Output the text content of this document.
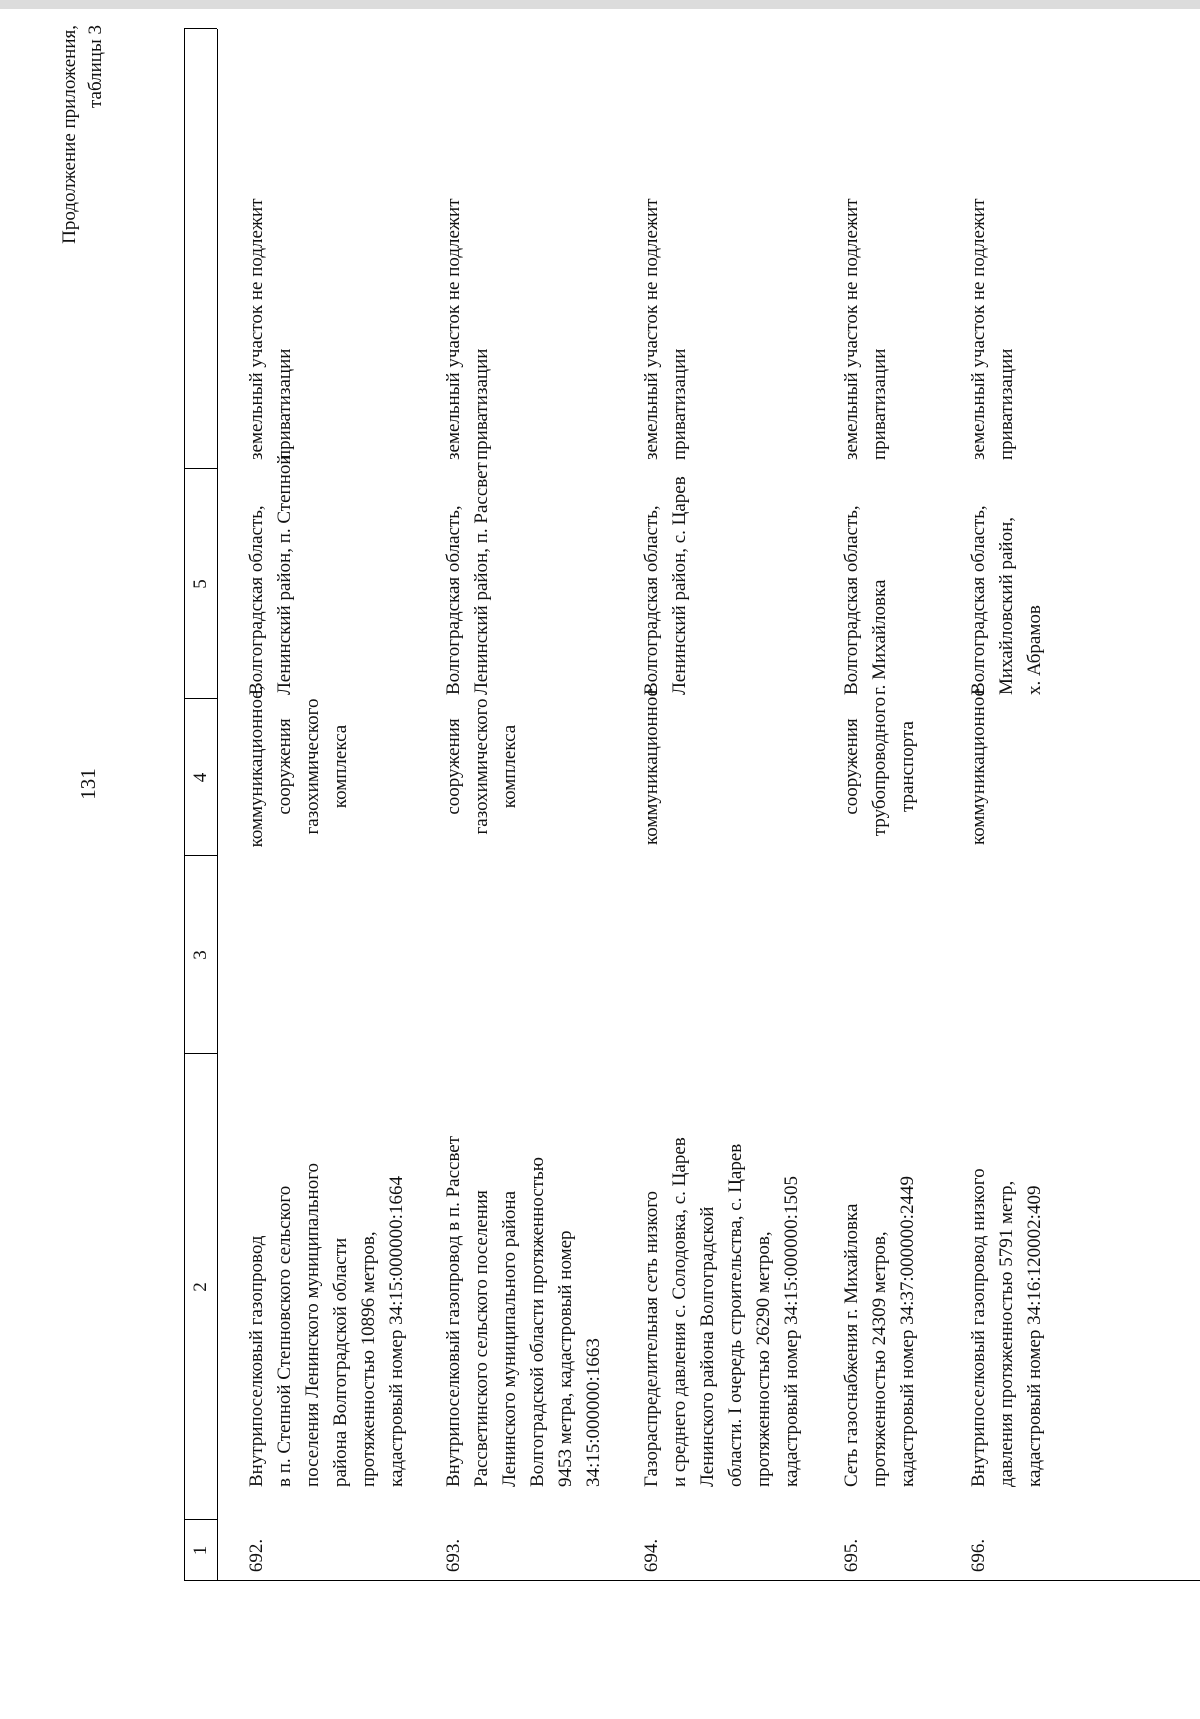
131
Продолжение приложения, таблицы 3
1
2
3
4
5
692.
Внутрипоселковый газопровод в п. Степной Степновского сельского поселения Ленинского муниципального района Волгоградской области протяженностью 10896 метров, кадастровый номер 34:15:000000:1664
коммуникационное, сооружения газохимического комплекса
Волгоградская область, Ленинский район, п. Степной
земельный участок не подлежит приватизации
693.
Внутрипоселковый газопровод в п. Рассвет Рассветинского сельского поселения Ленинского муниципального района Волгоградской области протяженностью 9453 метра, кадастровый номер 34:15:000000:1663
сооружения газохимического комплекса
Волгоградская область, Ленинский район, п. Рассвет
земельный участок не подлежит приватизации
694.
Газораспределительная сеть низкого и среднего давления с. Солодовка, с. Царев Ленинского района Волгоградской области. I очередь строительства, с. Царев протяженностью 26290 метров, кадастровый номер 34:15:000000:1505
коммуникационное
Волгоградская область, Ленинский район, с. Царев
земельный участок не подлежит приватизации
695.
Сеть газоснабжения г. Михайловка протяженностью 24309 метров, кадастровый номер 34:37:000000:2449
сооружения трубопроводного транспорта
Волгоградская область, г. Михайловка
земельный участок не подлежит приватизации
696.
Внутрипоселковый газопровод низкого давления протяженностью 5791 метр, кадастровый номер 34:16:120002:409
коммуникационное
Волгоградская область, Михайловский район, х. Абрамов
земельный участок не подлежит приватизации
